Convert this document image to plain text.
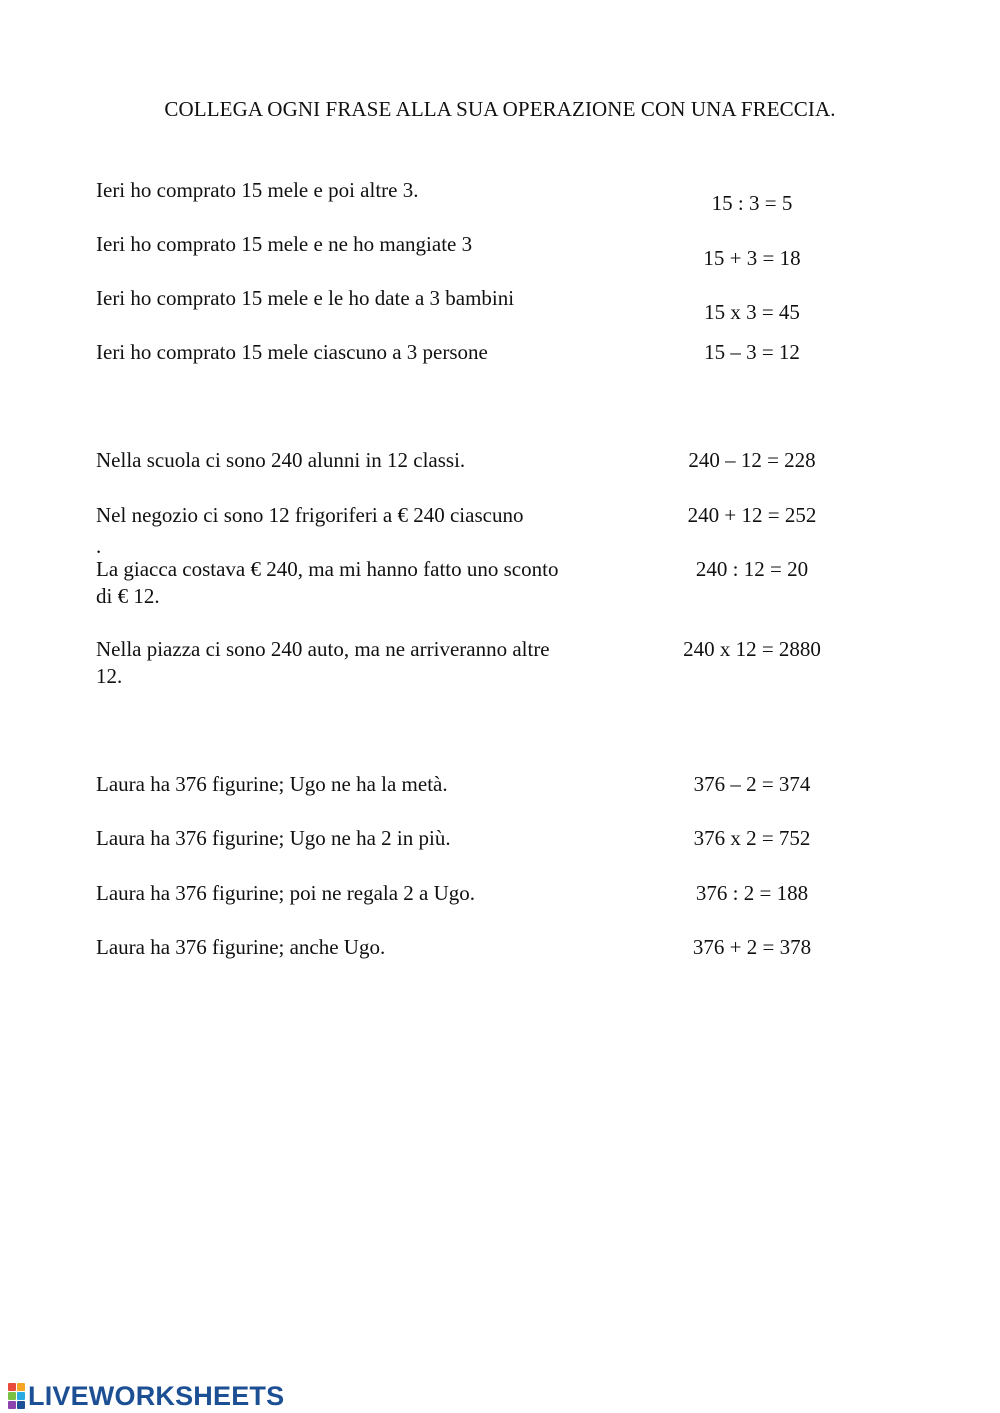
COLLEGA OGNI FRASE ALLA SUA OPERAZIONE CON UNA FRECCIA.
Ieri ho comprato 15 mele e poi altre 3.
Ieri ho comprato 15 mele e ne ho mangiate 3
Ieri ho comprato 15 mele e le ho date a 3 bambini
Ieri ho comprato 15 mele ciascuno a 3 persone
15 : 3 = 5
15 + 3 = 18
15 x 3 = 45
15 – 3 = 12
Nella scuola ci sono 240 alunni in 12 classi.
Nel negozio ci sono 12 frigoriferi a € 240 ciascuno
.
La giacca costava € 240, ma mi hanno fatto uno sconto di € 12.
Nella piazza ci sono 240 auto, ma ne arriveranno altre 12.
240 – 12 = 228
240 + 12 = 252
240 : 12 = 20
240 x 12 = 2880
Laura ha 376 figurine; Ugo ne ha la metà.
Laura ha 376 figurine; Ugo ne ha 2 in più.
Laura ha 376 figurine; poi ne regala 2 a Ugo.
Laura ha 376 figurine; anche Ugo.
376 – 2 = 374
376 x 2 = 752
376 : 2 = 188
376 + 2 = 378
LIVEWORKSHEETS
